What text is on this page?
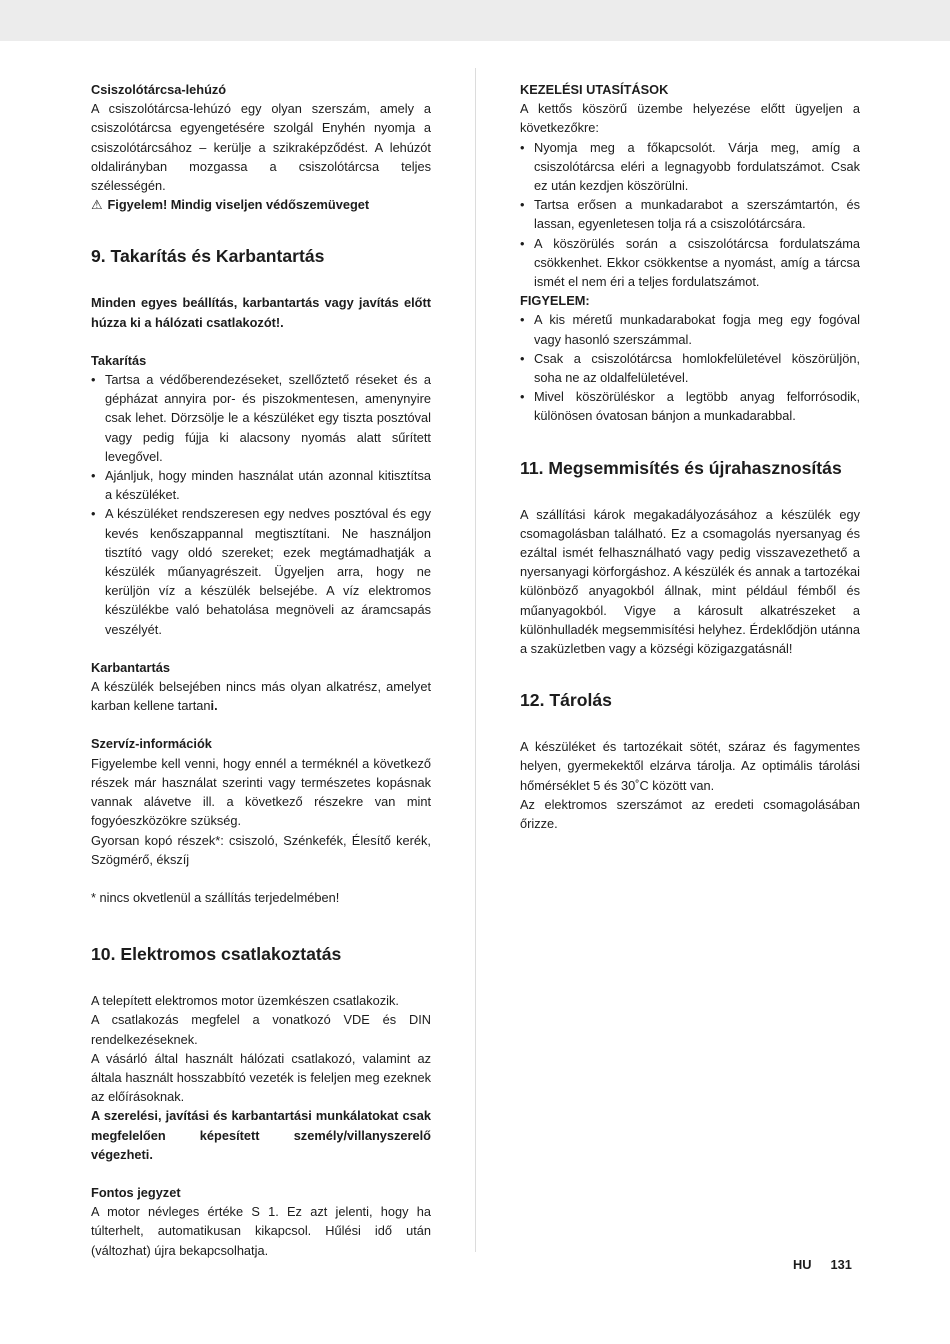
Csiszolótárcsa-lehúzó

A csiszolótárcsa-lehúzó egy olyan szerszám, amely a csiszolótárcsa egyengetésére szolgál Enyhén nyomja a csiszolótárcsához – kerülje a szikraképződést. A lehúzót oldalirányban mozgassa a csiszolótárcsa teljes szélességén.

⚠ Figyelem! Mindig viseljen védőszemüveget
9. Takarítás és Karbantartás

Minden egyes beállítás, karbantartás vagy javítás előtt húzza ki a hálózati csatlakozót!.

Takarítás
• Tartsa a védőberendezéseket, szellőztető réseket és a gépházat annyira por- és piszokmentesen, amenynyire csak lehet. Dörzsölje le a készüléket egy tiszta posztóval vagy pedig fújja ki alacsony nyomás alatt sűrített levegővel.
• Ajánljuk, hogy minden használat után azonnal kitisztítsa a készüléket.
• A készüléket rendszeresen egy nedves posztóval és egy kevés kenőszappannal megtisztítani. Ne használjon tisztító vagy oldó szereket; ezek megtámadhatják a készülék műanyagrészeit. Ügyeljen arra, hogy ne kerüljön víz a készülék belsejébe. A víz elektromos készülékbe való behatolása megnöveli az áramcsapás veszélyét.
Karbantartás

A készülék belsejében nincs más olyan alkatrész, amelyet karban kellene tartani.

Szervíz-információk

Figyelembe kell venni, hogy ennél a terméknél a következő részek már használat szerinti vagy természetes kopásnak vannak alávetve ill. a következő részekre van mint fogyóeszközökre szükség.

Gyorsan kopó részek*: csiszoló, Szénkefék, Élesítő kerék, Szögmérő, ékszíj

* nincs okvetlenül a szállítás terjedelmében!

10. Elektromos csatlakoztatás

A telepített elektromos motor üzemkészen csatlakozik.

A csatlakozás megfelel a vonatkozó VDE és DIN rendelkezéseknek.

A vásárló által használt hálózati csatlakozó, valamint az általa használt hosszabbító vezeték is feleljen meg ezeknek az előírásoknak.

A szerelési, javítási és karbantartási munkálatokat csak megfelelően képesített személy/villanyszerelő végezheti.

Fontos jegyzet

A motor névleges értéke S 1. Ez azt jelenti, hogy ha túlterhelt, automatikusan kikapcsol. Hűlési idő után (változhat) újra bekapcsolhatja.

KEZELÉSI UTASÍTÁSOK

A kettős köszörű üzembe helyezése előtt ügyeljen a következőkre:

• Nyomja meg a főkapcsolót. Várja meg, amíg a csiszolótárcsa eléri a legnagyobb fordulatszámot. Csak ez után kezdjen köszörülni.
• Tartsa erősen a munkadarabot a szerszámtartón, és lassan, egyenletesen tolja rá a csiszolótárcsára.
• A köszörülés során a csiszolótárcsa fordulatszáma csökkenhet. Ekkor csökkentse a nyomást, amíg a tárcsa ismét el nem éri a teljes fordulatszámot.
FIGYELEM:
• A kis méretű munkadarabokat fogja meg egy fogóval vagy hasonló szerszámmal.
• Csak a csiszolótárcsa homlokfelületével köszörüljön, soha ne az oldalfelületével.
• Mivel köszörüléskor a legtöbb anyag felforrósodik, különösen óvatosan bánjon a munkadarabbal.
11. Megsemmisítés és újrahasznosítás

A szállítási károk megakadályozásához a készülék egy csomagolásban található. Ez a csomagolás nyersanyag és ezáltal ismét felhasználható vagy pedig visszavezethető a nyersanyagi körforgáshoz. A készülék és annak a tartozékai különböző anyagokból állnak, mint például fémből és műanyagokból. Vigye a károsult alkatrészeket a különhulladék megsemmisítési helyhez. Érdeklődjön utánna a szaküzletben vagy a községi közigazgatásnál!

12. Tárolás

A készüléket és tartozékait sötét, száraz és fagymentes helyen, gyermekektől elzárva tárolja. Az optimális tárolási hőmérséklet 5 és 30˚C között van.

Az elektromos szerszámot az eredeti csomagolásában őrizze.

HU 131
